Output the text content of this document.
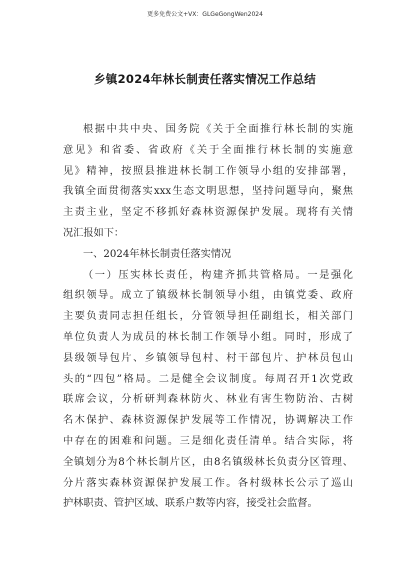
更多免费公文+VX：GLGeGongWen2024
乡镇2024年林长制责任落实情况工作总结
根据中共中央、国务院《关于全面推行林长制的实施
意见》和省委、省政府《关于全面推行林长制的实施意
见》精神，按照县推进林长制工作领导小组的安排部署，
我镇全面贯彻落实xxx生态文明思想，坚持问题导向，聚焦
主责主业，坚定不移抓好森林资源保护发展。现将有关情
况汇报如下：
一、2024年林长制责任落实情况
（一）压实林长责任，构建齐抓共管格局。一是强化
组织领导。成立了镇级林长制领导小组，由镇党委、政府
主要负责同志担任组长，分管领导担任副组长，相关部门
单位负责人为成员的林长制工作领导小组。同时，形成了
县级领导包片、乡镇领导包村、村干部包片、护林员包山
头的“四包”格局。二是健全会议制度。每周召开1次党政
联席会议，分析研判森林防火、林业有害生物防治、古树
名木保护、森林资源保护发展等工作情况，协调解决工作
中存在的困难和问题。三是细化责任清单。结合实际，将
全镇划分为8个林长制片区，由8名镇级林长负责分区管理、
分片落实森林资源保护发展工作。各村级林长公示了巡山
护林职责、管护区域、联系户数等内容，接受社会监督。
